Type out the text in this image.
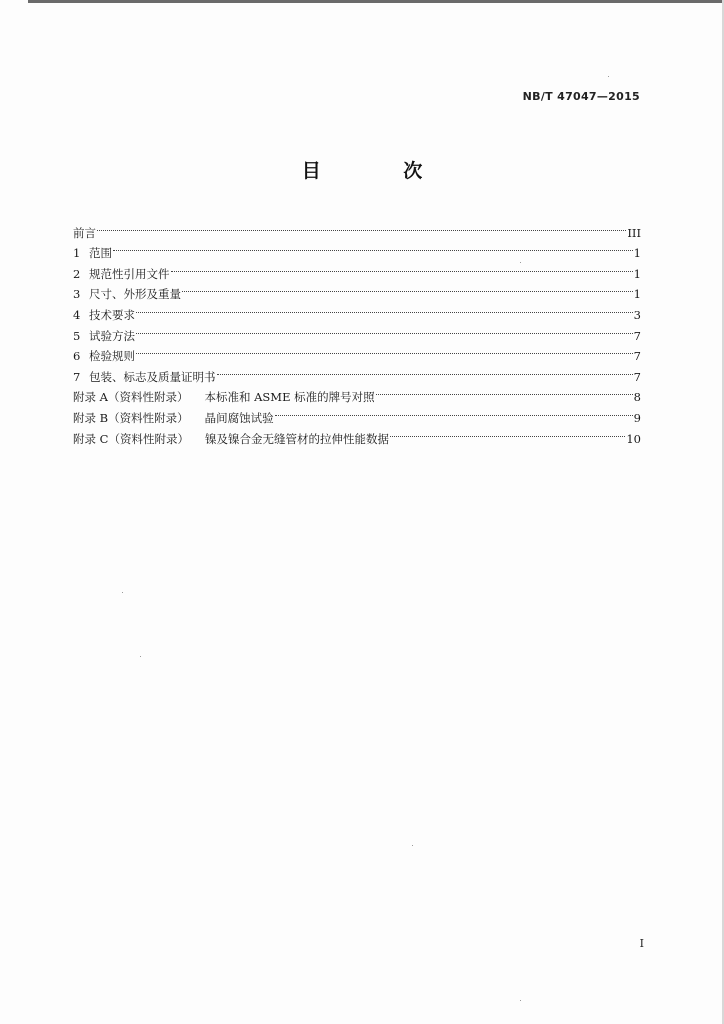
NB/T 47047—2015
目 次
前言	III
1 范围	1
2 规范性引用文件	1
3 尺寸、外形及重量	1
4 技术要求	3
5 试验方法	7
6 检验规则	7
7 包装、标志及质量证明书	7
附录 A（资料性附录） 本标准和 ASME 标准的牌号对照	8
附录 B（资料性附录） 晶间腐蚀试验	9
附录 C（资料性附录） 镍及镍合金无缝管材的拉伸性能数据	10
I
